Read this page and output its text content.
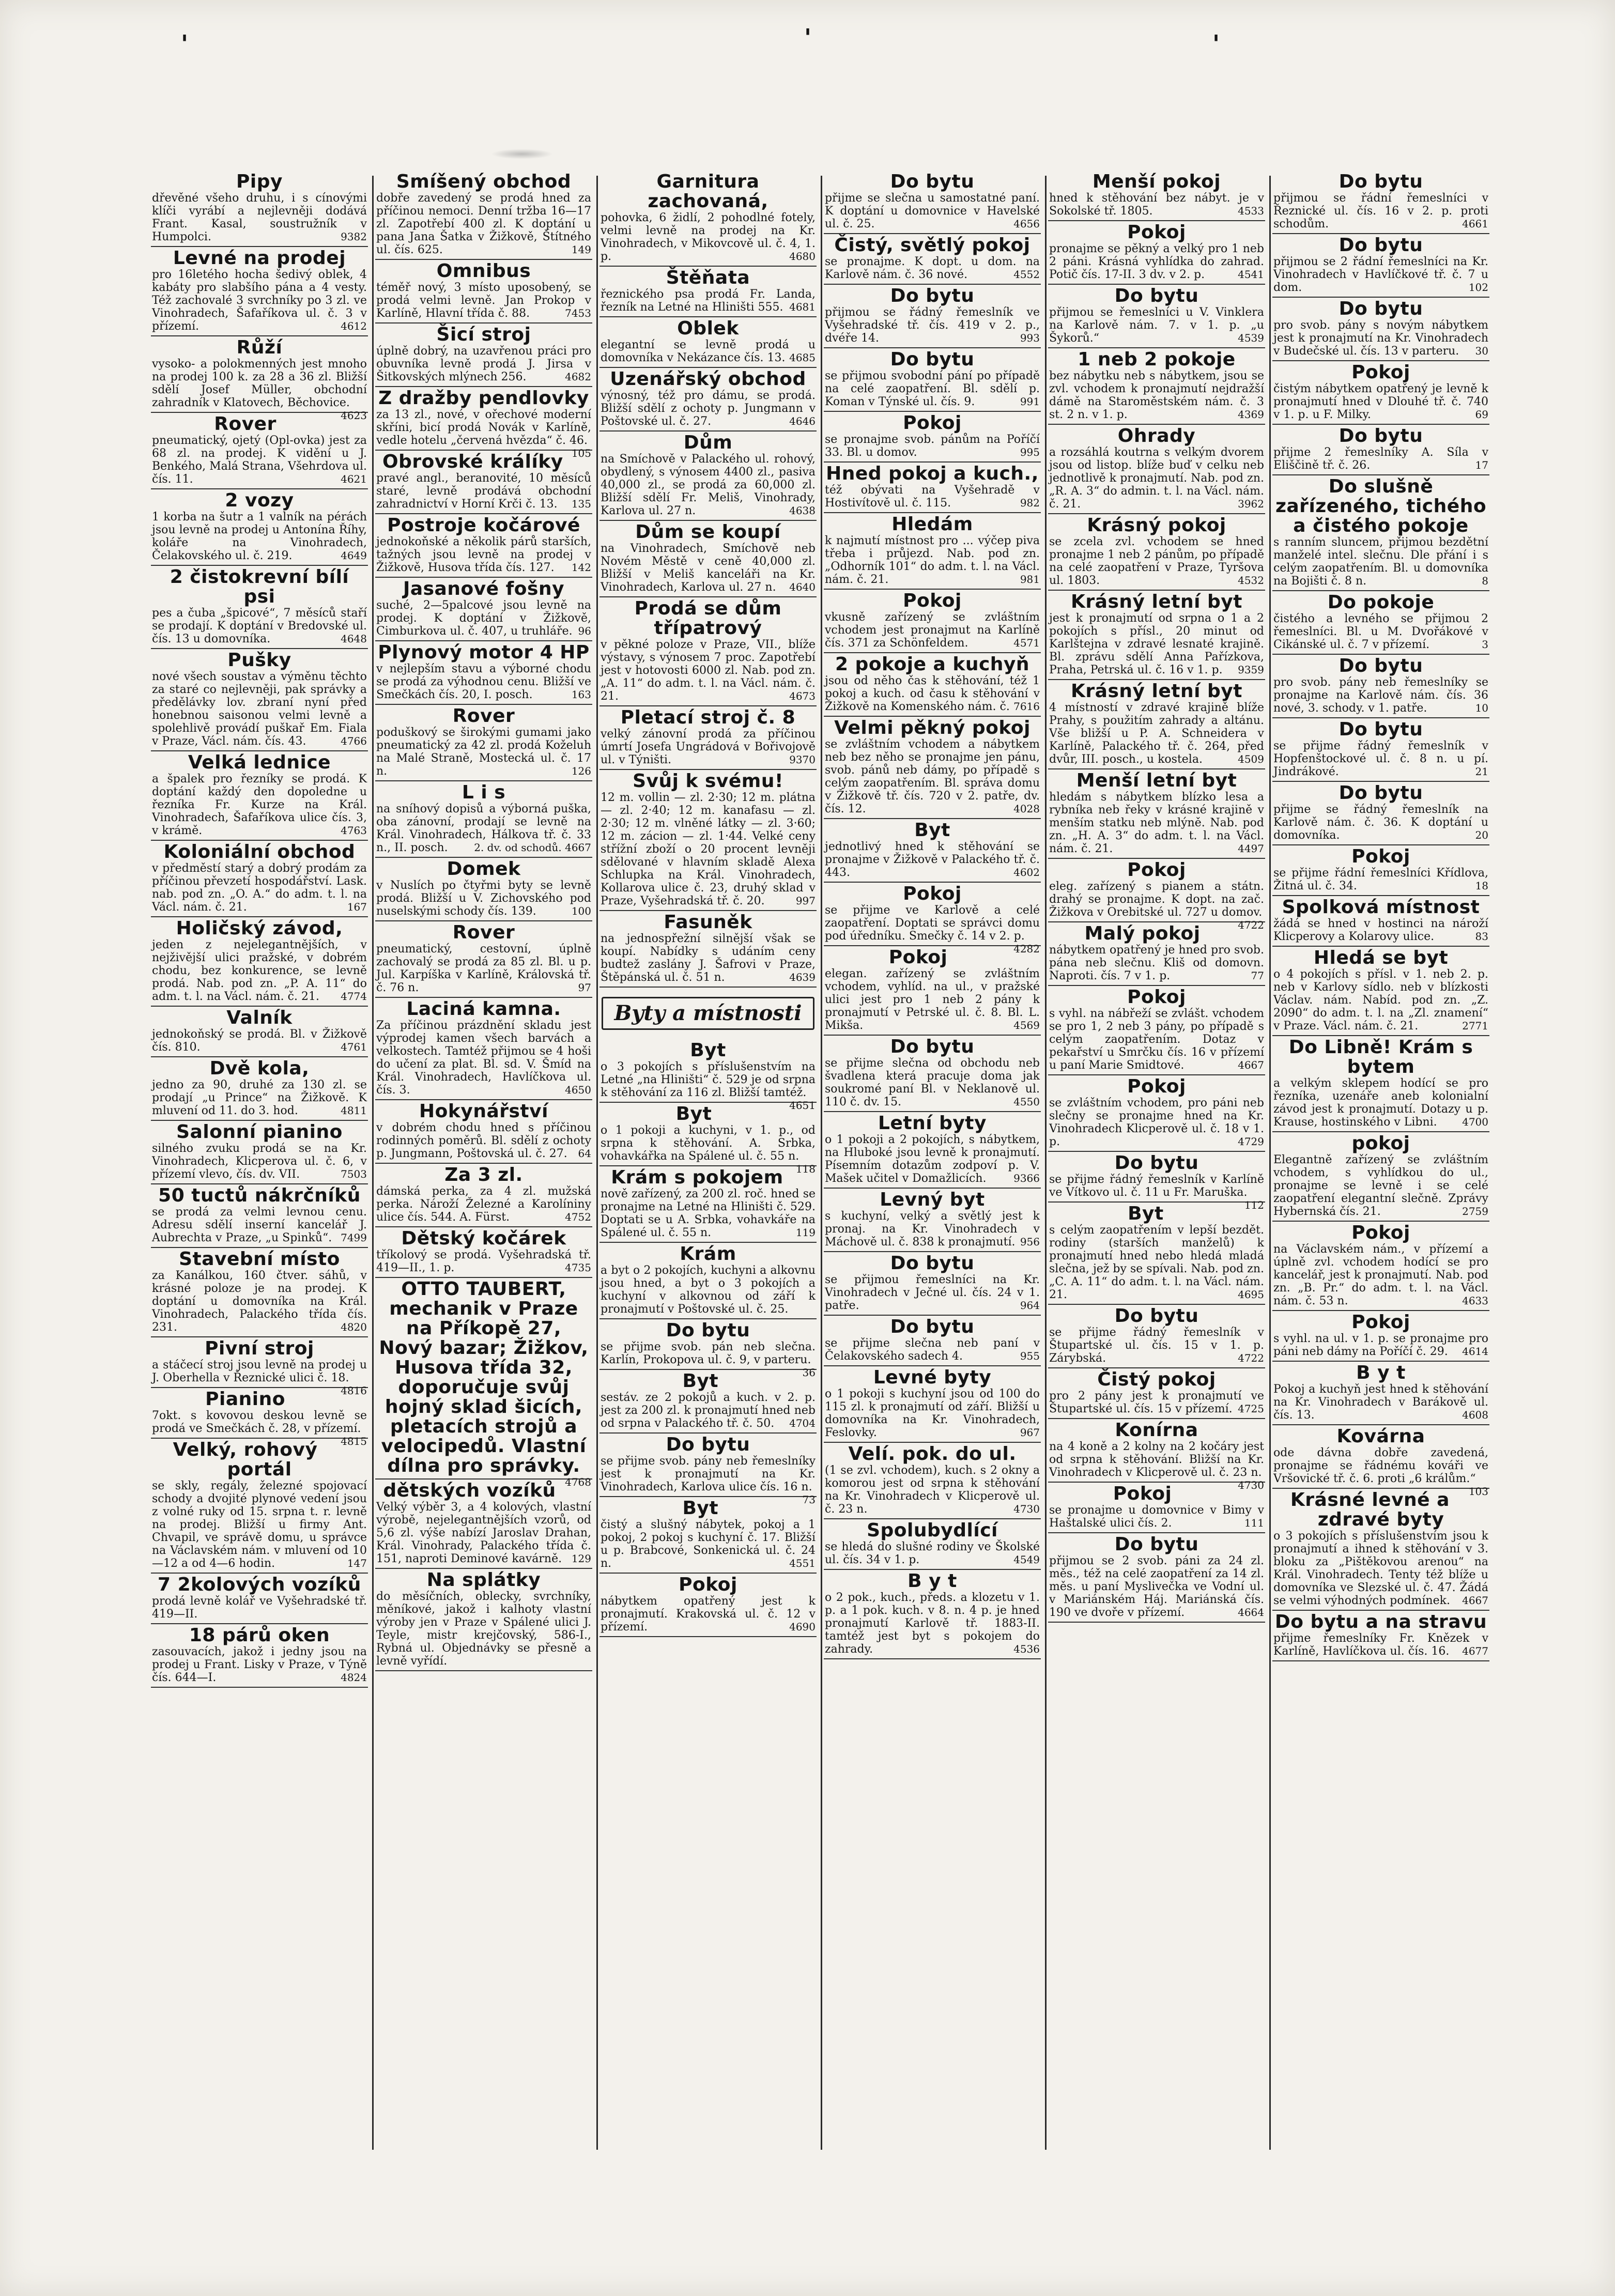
'	'	'
Pipy
dřevěné všeho druhu, i s cínovými klíči vyrábí a nejlevněji dodává Frant. Kasal, soustružník v Humpolci.	9382
Levné na prodej
pro 16letého hocha šedivý oblek, 4 kabáty pro slabšího pána a 4 vesty. Též zachovalé 3 svrchníky po 3 zl. ve Vinohradech, Šafaříkova ul. č. 3 v přízemí.	4612
Růží
vysoko- a polokmenných jest mnoho na prodej 100 k. za 28 a 36 zl. Bližší sdělí Josef Müller, obchodní zahradník v Klatovech, Běchovice.
4623
Rover
pneumatický, ojetý (Opl-ovka) jest za 68 zl. na prodej. K vidění u J. Benkého, Malá Strana, Všehrdova ul. čís. 11.	4621
2 vozy
1 korba na šutr a 1 valník na pérách jsou levně na prodej u Antonína Říhy, koláře na Vinohradech, Čelakovského ul. č. 219.	4649
2 čistokrevní bílí psi
pes a čuba „špicové“, 7 měsíců staří se prodají. K doptání v Bredovské ul. čís. 13 u domovníka.	4648
Pušky
nové všech soustav a výměnu těchto za staré co nejlevněji, pak správky a předělávky lov. zbraní nyní před honebnou saisonou velmi levně a spolehlivě provádí puškař Em. Fiala v Praze, Václ. nám. čís. 43.	4766
Velká lednice
a špalek pro řezníky se prodá. K doptání každý den dopoledne u řezníka Fr. Kurze na Král. Vinohradech, Šafaříkova ulice čís. 3, v krámě.	4763
Koloniální obchod
v předměstí starý a dobrý prodám za příčinou převzetí hospodářství. Lask. nab. pod zn. „O. A.“ do adm. t. l. na Václ. nám. č. 21.	167
Holičský závod,
jeden z nejelegantnějších, v nejživější ulici pražské, v dobrém chodu, bez konkurence, se levně prodá. Nab. pod zn. „P. A. 11“ do adm. t. l. na Václ. nám. č. 21. 4774
Valník
jednokoňský se prodá. Bl. v Žižkově čís. 810.	4761
Dvě kola,
jedno za 90, druhé za 130 zl. se prodají „u Prince“ na Žižkově. K mluvení od 11. do 3. hod.	4811
Salonní pianino
silného zvuku prodá se na Kr. Vinohradech, Klicperova ul. č. 6, v přízemí vlevo, čís. dv. VII.	7503
50 tuctů nákrčníků
se prodá za velmi levnou cenu. Adresu sdělí inserní kancelář J. Aubrechta v Praze, „u Spinků“. 7499
Stavební místo
za Kanálkou, 160 čtver. sáhů, v krásné poloze je na prodej. K doptání u domovníka na Král. Vinohradech, Palackého třída čís. 231.	4820
Pivní stroj
a stáčecí stroj jsou levně na prodej u J. Oberhella v Řeznické ulici č. 18.
4816
Pianino
7okt. s kovovou deskou levně se prodá ve Smečkách č. 28, v přízemí.
4815
Velký, rohový portál
se skly, regály, železné spojovací schody a dvojité plynové vedení jsou z volné ruky od 15. srpna t. r. levně na prodej. Bližší u firmy Ant. Chvapil, ve správě domu, u správce na Václavském nám. v mluvení od 10—12 a od 4—6 hodin.	147
7 2kolových vozíků
prodá levně kolář ve Vyšehradské tř. 419—II.
18 párů oken
zasouvacích, jakož i jedny jsou na prodej u Frant. Lisky v Praze, v Týně čís. 644—I.	4824
Smíšený obchod
dobře zavedený se prodá hned za příčinou nemoci. Denní tržba 16—17 zl. Zapotřebí 400 zl. K doptání u pana Jana Šatka v Žižkově, Štítného ul. čís. 625.	149
Omnibus
téměř nový, 3 místo uposobený, se prodá velmi levně. Jan Prokop v Karlíně, Hlavní třída č. 88.	7453
Šicí stroj
úplně dobrý, na uzavřenou práci pro obuvníka levně prodá J. Jirsa v Šitkovských mlýnech 256.	4682
Z dražby pendlovky
za 13 zl., nové, v ořechové moderní skříni, bicí prodá Novák v Karlíně, vedle hotelu „červená hvězda“ č. 46.
105
Obrovské králíky
pravé angl., beranovité, 10 měsíců staré, levně prodává obchodní zahradnictví v Horní Krči č. 13. 135
Postroje kočárové
jednokoňské a několik párů starších, tažných jsou levně na prodej v Žižkově, Husova třída čís. 127. 142
Jasanové fošny
suché, 2—5palcové jsou levně na prodej. K doptání v Žižkově, Cimburkova ul. č. 407, u truhláře. 96
Plynový motor 4 HP
v nejlepším stavu a výborné chodu se prodá za výhodnou cenu. Bližší ve Smečkách čís. 20, I. posch.	163
Rover
poduškový se širokými gumami jako pneumatický za 42 zl. prodá Koželuh na Malé Straně, Mostecká ul. č. 17 n.	126
L i s
na sníhový dopisů a výborná puška, oba zánovní, prodají se levně na Král. Vinohradech, Hálkova tř. č. 33 n., II. posch.	2. dv. od schodů. 4667
Domek
v Nuslích po čtyřmi byty se levně prodá. Bližší u V. Zichovského pod nuselskými schody čís. 139.	100
Rover
pneumatický, cestovní, úplně zachovalý se prodá za 85 zl. Bl. u p. Jul. Karpíška v Karlíně, Královská tř. č. 76 n.	97
Laciná kamna.
Za příčinou prázdnění skladu jest výprodej kamen všech barvách a velkostech. Tamtéž přijmou se 4 hoši do učení za plat. Bl. sd. V. Šmíd na Král. Vinohradech, Havlíčkova ul. čís. 3.	4650
Hokynářství
v dobrém chodu hned s příčinou rodinných poměrů. Bl. sdělí z ochoty p. Jungmann, Poštovská ul. č. 27. 64
Za 3 zl.
dámská perka, za 4 zl. mužská perka. Nároží Železné a Karolíniny ulice čís. 544. A. Fürst.	4752
Dětský kočárek
tříkolový se prodá. Vyšehradská tř. 419—II., 1. p.	4735
OTTO TAUBERT, mechanik v Praze na Příkopě 27, Nový bazar; Žižkov, Husova třída 32, doporučuje svůj hojný sklad šicích, pletacích strojů a velocipedů. Vlastní dílna pro správky.
4768
dětských vozíků
Velký výběr 3, a 4 kolových, vlastní výrobě, nejelegantnějších vzorů, od 5,6 zl. výše nabízí Jaroslav Drahan, Král. Vinohrady, Palackého třída č. 151, naproti Deminové kavárně. 129
Na splátky
do měsíčních, oblecky, svrchníky, měníkové, jakož i kalhoty vlastní výroby jen v Praze v Spálené ulici J. Teyle, mistr krejčovský, 586-I., Rybná ul. Objednávky se přesně a levně vyřídí.
Garnitura zachovaná,
pohovka, 6 židlí, 2 pohodlné fotely, velmi levně na prodej na Kr. Vinohradech, v Mikovcově ul. č. 4, 1. p.	4680
Štěňata
řeznického psa prodá Fr. Landa, řezník na Letné na Hliništi 555. 4681
Oblek
elegantní se levně prodá u domovníka v Nekázance čís. 13. 4685
Uzenářský obchod
výnosný, též pro dámu, se prodá. Bližší sdělí z ochoty p. Jungmann v Poštovské ul. č. 27.	4646
Dům
na Smíchově v Palackého ul. rohový, obydlený, s výnosem 4400 zl., pasiva 40,000 zl., se prodá za 60,000 zl. Bližší sdělí Fr. Meliš, Vinohrady, Karlova ul. 27 n.	4638
Dům se koupí
na Vinohradech, Smíchově neb Novém Městě v ceně 40,000 zl. Bližší v Meliš kanceláři na Kr. Vinohradech, Karlova ul. 27 n. 4640
Prodá se dům třípatrový
v pěkné poloze v Praze, VII., blíže výstavy, s výnosem 7 proc. Zapotřebí jest v hotovosti 6000 zl. Nab. pod zn. „A. 11“ do adm. t. l. na Václ. nám. č. 21.	4673
Pletací stroj č. 8
velký zánovní prodá za příčinou úmrtí Josefa Ungrádová v Bořivojově ul. v Týništi.	9370
Svůj k svému!
12 m. vollin — zl. 2·30; 12 m. plátna — zl. 2·40; 12 m. kanafasu — zl. 2·30; 12 m. vlněné látky — zl. 3·60; 12 m. zácion — zl. 1·44. Velké ceny střížní zboží o 20 procent levněji sdělované v hlavním skladě Alexa Schlupka na Král. Vinohradech, Kollarova ulice č. 23, druhý sklad v Praze, Vyšehradská tř. č. 20.	997
Fasuněk
na jednospřežní silnější však se koupí. Nabídky s udáním ceny budtež zaslány J. Šafrovi v Praze, Štěpánská ul. č. 51 n.	4639
Byty a místnosti
Byt
o 3 pokojích s příslušenstvím na Letné „na Hliništi“ č. 529 je od srpna k stěhování za 116 zl. Bližší tamtéž.
4651
Byt
o 1 pokoji a kuchyni, v 1. p., od srpna k stěhování. A. Srbka, vohavkářka na Spálené ul. č. 55 n.
118
Krám s pokojem
nově zařízený, za 200 zl. roč. hned se pronajme na Letné na Hliništi č. 529. Doptati se u A. Srbka, vohavkáře na Spálené ul. č. 55 n.	119
Krám
a byt o 2 pokojích, kuchyni a alkovnu jsou hned, a byt o 3 pokojích a kuchyní v alkovnou od září k pronajmutí v Poštovské ul. č. 25.
Do bytu
se přijme svob. pán neb slečna. Karlín, Prokopova ul. č. 9, v parteru.
36
Byt
sestáv. ze 2 pokojů a kuch. v 2. p. jest za 200 zl. k pronajmutí hned neb od srpna v Palackého tř. č. 50. 4704
Do bytu
se přijme svob. pány neb řemeslníky jest k pronajmutí na Kr. Vinohradech, Karlova ulice čís. 16 n.
73
Byt
čistý a slušný nábytek, pokoj a 1 pokoj, 2 pokoj s kuchyní č. 17. Bližší u p. Brabcové, Sonkenická ul. č. 24 n.	4551
Pokoj
nábytkem opatřený jest k pronajmutí. Krakovská ul. č. 12 v přízemí.	4690
Do bytu
přijme se slečna u samostatné paní. K doptání u domovnice v Havelské ul. č. 25.	4656
Čistý, světlý pokoj
se pronajme. K dopt. u dom. na Karlově nám. č. 36 nové.	4552
Do bytu
přijmou se řádný řemeslník ve Vyšehradské tř. čís. 419 v 2. p., dvéře 14.	993
Do bytu
se přijmou svobodní pání po případě na celé zaopatření. Bl. sdělí p. Koman v Týnské ul. čís. 9.	991
Pokoj
se pronajme svob. pánům na Poříčí 33. Bl. u domov.	995
Hned pokoj a kuch.,
též obývati na Vyšehradě v Hostivítově ul. č. 115.	982
Hledám
k najmutí místnost pro ... výčep piva třeba i průjezd. Nab. pod zn. „Odhorník 101“ do adm. t. l. na Václ. nám. č. 21.	981
Pokoj
vkusně zařízený se zvláštním vchodem jest pronajmut na Karlíně čís. 371 za Schönfeldem.	4571
2 pokoje a kuchyň
jsou od něho čas k stěhování, též 1 pokoj a kuch. od času k stěhování v Žižkově na Komenského nám. č. 7616
Velmi pěkný pokoj
se zvláštním vchodem a nábytkem neb bez něho se pronajme jen pánu, svob. pánů neb dámy, po případě s celým zaopatřením. Bl. správa domu v Žižkově tř. čís. 720 v 2. patře, dv. čís. 12.	4028
Byt
jednotlivý hned k stěhování se pronajme v Žižkově v Palackého tř. č. 443.	4602
Pokoj
se přijme ve Karlově a celé zaopatření. Doptati se správci domu pod úředníku. Smečky č. 14 v 2. p.
4282
Pokoj
elegan. zařízený se zvláštním vchodem, vyhlíd. na ul., v pražské ulici jest pro 1 neb 2 pány k pronajmutí v Petrské ul. č. 8. Bl. L. Mikša.	4569
Do bytu
se přijme slečna od obchodu neb švadlena která pracuje doma jak soukromé paní Bl. v Neklanově ul. 110 č. dv. 15.	4550
Letní byty
o 1 pokoji a 2 pokojích, s nábytkem, na Hluboké jsou levně k pronajmutí. Písemním dotazům zodpoví p. V. Mašek učitel v Domažlicích.	9366
Levný byt
s kuchyní, velký a světlý jest k pronaj. na Kr. Vinohradech v Máchově ul. č. 838 k pronajmutí. 956
Do bytu
se přijmou řemeslníci na Kr. Vinohradech v Ječné ul. čís. 24 v 1. patře.	964
Do bytu
se přijme slečna neb paní v Čelakovského sadech 4.	955
Levné byty
o 1 pokoji s kuchyní jsou od 100 do 115 zl. k pronajmutí od září. Bližší u domovníka na Kr. Vinohradech, Feslovky.	967
Velí. pok. do ul.
(1 se zvl. vchodem), kuch. s 2 okny a komorou jest od srpna k stěhování na Kr. Vinohradech v Klicperově ul. č. 23 n.	4730
Spolubydlící
se hledá do slušné rodiny ve Školské ul. čís. 34 v 1. p.	4549
B y t
o 2 pok., kuch., předs. a klozetu v 1. p. a 1 pok. kuch. v 8. n. 4 p. je hned pronajmutí Karlově tř. 1883-II. tamtéž jest byt s pokojem do zahrady.	4536
Menší pokoj
hned k stěhování bez nábyt. je v Sokolské tř. 1805.	4533
Pokoj
pronajme se pěkný a velký pro 1 neb 2 páni. Krásná vyhlídka do zahrad. Potič čís. 17-II. 3 dv. v 2. p.	4541
Do bytu
přijmou se řemeslníci u V. Vinklera na Karlově nám. 7. v 1. p. „u Šykorů.“	4539
1 neb 2 pokoje
bez nábytku neb s nábytkem, jsou se zvl. vchodem k pronajmutí nejdražší dámě na Staroměstském nám. č. 3 st. 2 n. v 1. p.	4369
Ohrady
a rozsáhlá koutrna s velkým dvorem jsou od listop. blíže buď v celku neb jednotlivě k pronajmutí. Nab. pod zn. „R. A. 3“ do admin. t. l. na Václ. nám. č. 21.	3962
Krásný pokoj
se zcela zvl. vchodem se hned pronajme 1 neb 2 pánům, po případě na celé zaopatření v Praze, Tyršova ul. 1803.	4532
Krásný letní byt
jest k pronajmutí od srpna o 1 a 2 pokojích s přísl., 20 minut od Karlštejna v zdravé lesnaté krajině. Bl. zprávu sdělí Anna Pařízkova, Praha, Petrská ul. č. 16 v 1. p. 9359
Krásný letní byt
4 místností v zdravé krajině blíže Prahy, s použitím zahrady a altánu. Vše bližší u P. A. Schneidera v Karlíně, Palackého tř. č. 264, před dvůr, III. posch., u kostela.	4509
Menší letní byt
hledám s nábytkem blízko lesa a rybníka neb řeky v krásné krajině v menším statku neb mlýně. Nab. pod zn. „H. A. 3“ do adm. t. l. na Václ. nám. č. 21.	4497
Pokoj
eleg. zařízený s pianem a státn. drahý se pronajme. K dopt. na zač. Žižkova v Orebitské ul. 727 u domov.
4722
Malý pokoj
nábytkem opatřený je hned pro svob. pána neb slečnu. Kliš od domovn. Naproti. čís. 7 v 1. p.	77
Pokoj
s vyhl. na nábřeží se zvlášt. vchodem se pro 1, 2 neb 3 pány, po případě s celým zaopatřením. Dotaz v pekařství u Smrčku čís. 16 v přízemí u paní Marie Smidtové.	4667
Pokoj
se zvláštním vchodem, pro páni neb slečny se pronajme hned na Kr. Vinohradech Klicperově ul. č. 18 v 1. p.	4729
Do bytu
se přijme řádný řemeslník v Karlíně ve Vítkovo ul. č. 11 u Fr. Maruška.
112
Byt
s celým zaopatřením v lepší bezdět. rodiny (starších manželů) k pronajmutí hned nebo hledá mladá slečna, jež by se spívali. Nab. pod zn. „C. A. 11“ do adm. t. l. na Václ. nám. 21.	4695
Do bytu
se přijme řádný řemeslník v Štupartské ul. čís. 15 v 1. p. Zárybská.	4722
Čistý pokoj
pro 2 pány jest k pronajmutí ve Štupartské ul. čís. 15 v přízemí. 4725
Konírna
na 4 koně a 2 kolny na 2 kočáry jest od srpna k stěhování. Bližší na Kr. Vinohradech v Klicperově ul. č. 23 n.
4730
Pokoj
se pronajme u domovnice v Bimy v Haštalské ulici čís. 2.	111
Do bytu
přijmou se 2 svob. páni za 24 zl. měs., též na celé zaopatření za 14 zl. měs. u paní Myslivečka ve Vodní ul. v Mariánském Háj. Mariánská čís. 190 ve dvoře v přízemí.	4664
Do bytu
přijmou se řádní řemeslníci v Řeznické ul. čís. 16 v 2. p. proti schodům.	4661
Do bytu
přijmou se 2 řádní řemeslníci na Kr. Vinohradech v Havlíčkové tř. č. 7 u dom.	102
Do bytu
pro svob. pány s novým nábytkem jest k pronajmutí na Kr. Vinohradech v Budečské ul. čís. 13 v parteru. 30
Pokoj
čistým nábytkem opatřený je levně k pronajmutí hned v Dlouhé tř. č. 740 v 1. p. u F. Milky.	69
Do bytu
přijme 2 řemeslníky A. Síla v Eliščině tř. č. 26.	17
Do slušně zařízeného, tichého a čistého pokoje
s ranním sluncem, přijmou bezdětní manželé intel. slečnu. Dle přání i s celým zaopatřením. Bl. u domovníka na Bojišti č. 8 n.	8
Do pokoje
čistého a levného se přijmou 2 řemeslníci. Bl. u M. Dvořákové v Cikánské ul. č. 7 v přízemí.	3
Do bytu
pro svob. pány neb řemeslníky se pronajme na Karlově nám. čís. 36 nové, 3. schody. v 1. patře.	10
Do bytu
se přijme řádný řemeslník v Hopfenštockové ul. č. 8 n. u pí. Jindrákové.	21
Do bytu
přijme se řádný řemeslník na Karlově nám. č. 36. K doptání u domovníka.	20
Pokoj
se přijme řádní řemeslníci Křídlova, Žitná ul. č. 34.	18
Spolková místnost
žádá se hned v hostinci na nároží Klicperovy a Kolarovy ulice.	83
Hledá se byt
o 4 pokojích s přísl. v 1. neb 2. p. neb v Karlovy sídlo. neb v blízkosti Václav. nám. Nabíd. pod zn. „Z. 2090“ do adm. t. l. na „Zl. znamení“ v Praze. Václ. nám. č. 21.	2771
Do Libně! Krám s bytem
a velkým sklepem hodící se pro řezníka, uzenáře aneb kolonialní závod jest k pronajmutí. Dotazy u p. Krause, hostinského v Libni. 4700
pokoj
Elegantně zařízený se zvláštním vchodem, s vyhlídkou do ul., pronajme se levně i se celé zaopatření elegantní slečně. Zprávy Hybernská čís. 21.	2759
Pokoj
na Václavském nám., v přízemí a úplně zvl. vchodem hodící se pro kancelář, jest k pronajmutí. Nab. pod zn. „B. Pr.“ do adm. t. l. na Václ. nám. č. 53 n.	4633
Pokoj
s vyhl. na ul. v 1. p. se pronajme pro páni neb dámy na Poříčí č. 29. 4614
B y t
Pokoj a kuchyň jest hned k stěhování na Kr. Vinohradech v Barákově ul. čís. 13.	4608
Kovárna
ode dávna dobře zavedená, pronajme se řádnému kováři ve Vršovické tř. č. 6. proti „6 králům.“
103
Krásné levné a zdravé byty
o 3 pokojích s příslušenstvím jsou k pronajmutí a ihned k stěhování v 3. bloku za „Pištěkovou arenou“ na Král. Vinohradech. Tenty též blíže u domovníka ve Slezské ul. č. 47. Žádá se velmi výhodných podmínek. 4667
Do bytu a na stravu
přijme řemeslníky Fr. Knězek v Karlíně, Havlíčkova ul. čís. 16. 4677
